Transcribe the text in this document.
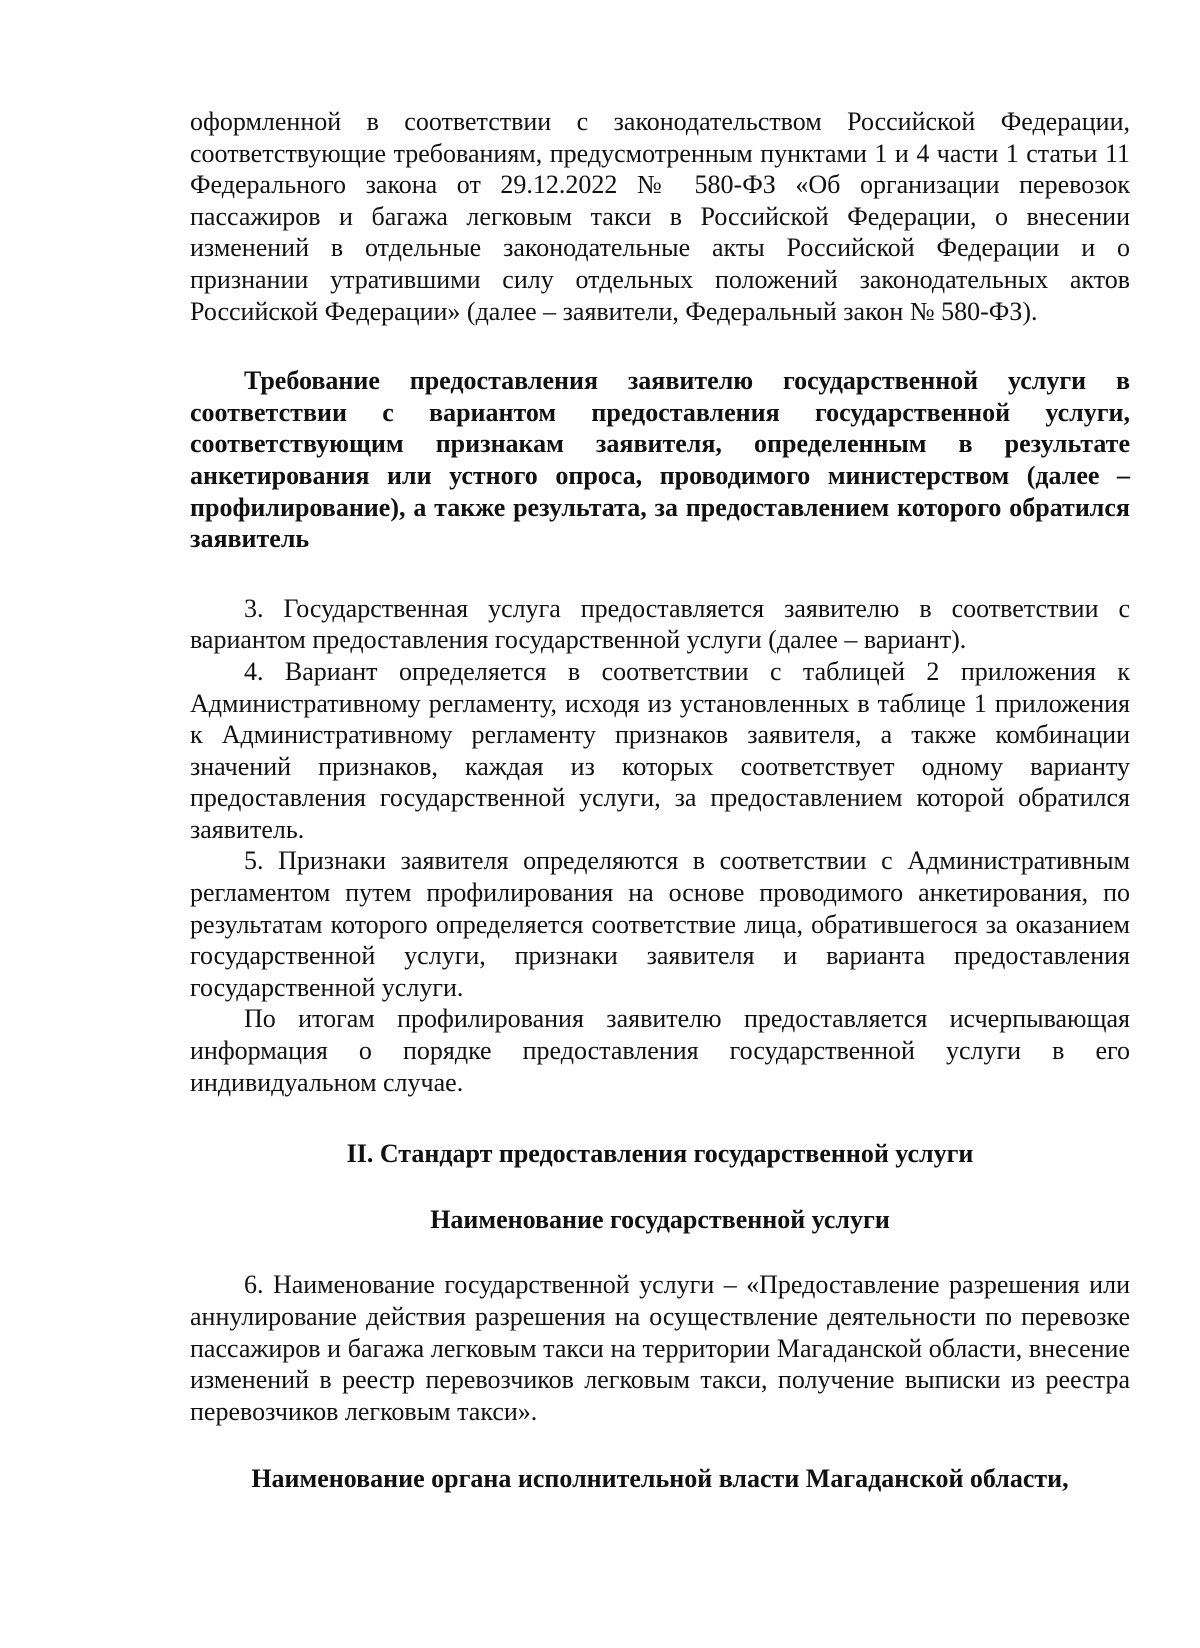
оформленной в соответствии с законодательством Российской Федерации, соответствующие требованиям, предусмотренным пунктами 1 и 4 части 1 статьи 11 Федерального закона от 29.12.2022 № 580-ФЗ «Об организации перевозок пассажиров и багажа легковым такси в Российской Федерации, о внесении изменений в отдельные законодательные акты Российской Федерации и о признании утратившими силу отдельных положений законодательных актов Российской Федерации» (далее – заявители, Федеральный закон № 580-ФЗ).

Требование предоставления заявителю государственной услуги в соответствии с вариантом предоставления государственной услуги, соответствующим признакам заявителя, определенным в результате анкетирования или устного опроса, проводимого министерством (далее – профилирование), а также результата, за предоставлением которого обратился заявитель

3. Государственная услуга предоставляется заявителю в соответствии с вариантом предоставления государственной услуги (далее – вариант).

4. Вариант определяется в соответствии с таблицей 2 приложения к Административному регламенту, исходя из установленных в таблице 1 приложения к Административному регламенту признаков заявителя, а также комбинации значений признаков, каждая из которых соответствует одному варианту предоставления государственной услуги, за предоставлением которой обратился заявитель.

5. Признаки заявителя определяются в соответствии с Административным регламентом путем профилирования на основе проводимого анкетирования, по результатам которого определяется соответствие лица, обратившегося за оказанием государственной услуги, признаки заявителя и варианта предоставления государственной услуги.

По итогам профилирования заявителю предоставляется исчерпывающая информация о порядке предоставления государственной услуги в его индивидуальном случае.

II. Стандарт предоставления государственной услуги

Наименование государственной услуги

6. Наименование государственной услуги – «Предоставление разрешения или аннулирование действия разрешения на осуществление деятельности по перевозке пассажиров и багажа легковым такси на территории Магаданской области, внесение изменений в реестр перевозчиков легковым такси, получение выписки из реестра перевозчиков легковым такси».

Наименование органа исполнительной власти Магаданской области,
